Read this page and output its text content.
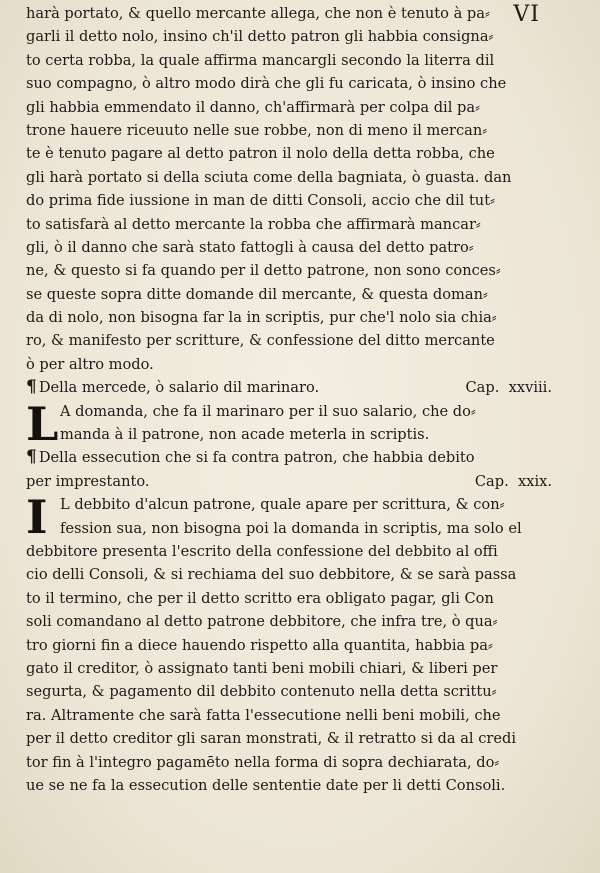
VI
harà portato, & quello mercante allega, che non è tenuto à pa⸗
garli il detto nolo, insino ch'il detto patron gli habbia consigna⸗
to certa robba, la quale affirma mancargli secondo la literra dil
suo compagno, ò altro modo dirà che gli fu caricata, ò insino che
gli habbia emmendato il danno, ch'affirmarà per colpa dil pa⸗
trone hauere riceuuto nelle sue robbe, non di meno il mercan⸗
te è tenuto pagare al detto patron il nolo della detta robba, che
gli harà portato si della sciuta come della bagniata, ò guasta. dan
do prima fide iussione in man de ditti Consoli, accio che dil tut⸗
to satisfarà al detto mercante la robba che affirmarà mancar⸗
gli, ò il danno che sarà stato fattogli à causa del detto patro⸗
ne, & questo si fa quando per il detto patrone, non sono conces⸗
se queste sopra ditte domande dil mercante, & questa doman⸗
da di nolo, non bisogna far la in scriptis, pur che'l nolo sia chia⸗
ro, & manifesto per scritture, & confessione del ditto mercante
ò per altro modo.
¶ Della mercede, ò salario dil marinaro.	Cap. xxviii.
L A domanda, che fa il marinaro per il suo salario, che do⸗
manda à il patrone, non acade meterla in scriptis.
¶ Della essecution che si fa contra patron, che habbia debito
per imprestanto.	Cap. xxix.
I L debbito d'alcun patrone, quale apare per scrittura, & con⸗
fession sua, non bisogna poi la domanda in scriptis, ma solo el
debbitore presenta l'escrito della confessione del debbito al offi
cio delli Consoli, & si rechiama del suo debbitore, & se sarà passa
to il termino, che per il detto scritto era obligato pagar, gli Con
soli comandano al detto patrone debbitore, che infra tre, ò qua⸗
tro giorni fin a diece hauendo rispetto alla quantita, habbia pa⸗
gato il creditor, ò assignato tanti beni mobili chiari, & liberi per
segurta, & pagamento dil debbito contenuto nella detta scrittu⸗
ra. Altramente che sarà fatta l'essecutione nelli beni mobili, che
per il detto creditor gli saran monstrati, & il retratto si da al credi
tor fin à l'integro pagamēto nella forma di sopra dechiarata, do⸗
ue se ne fa la essecution delle sententie date per li detti Consoli.
